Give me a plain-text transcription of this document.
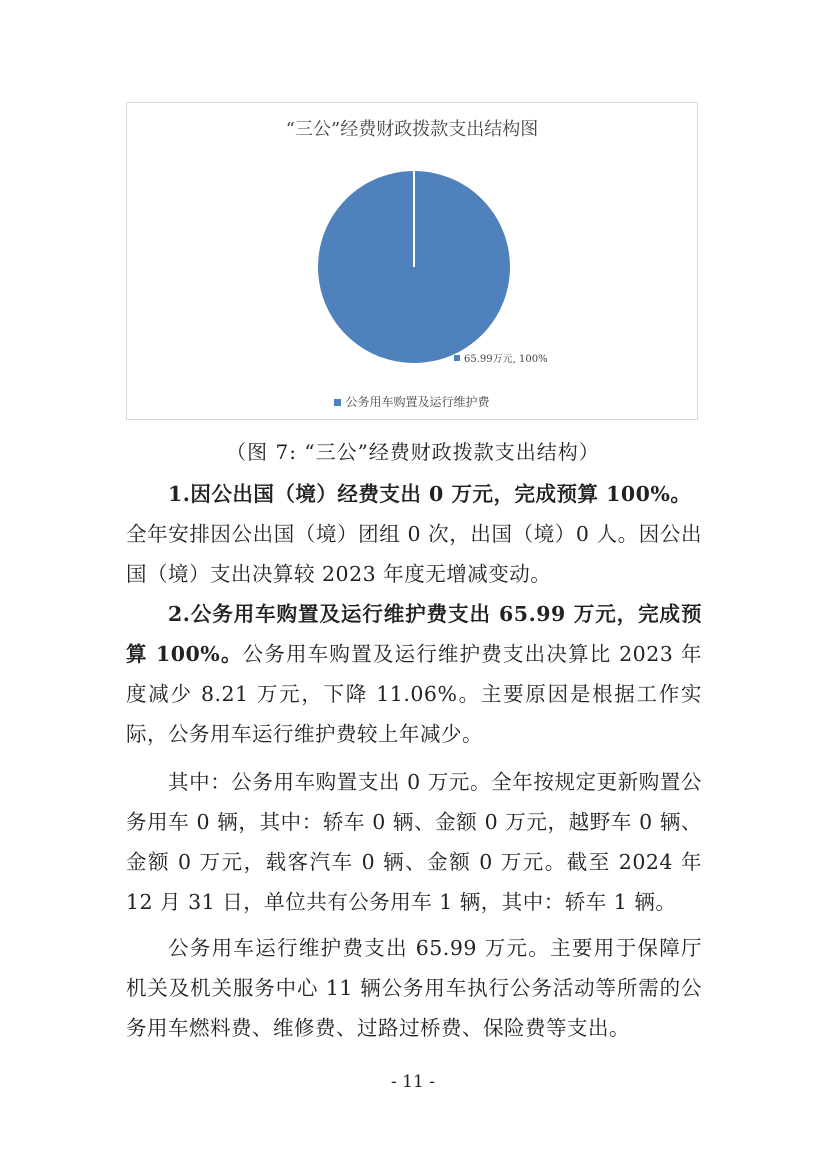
“三公”经费财政拨款支出结构图
65.99万元, 100%
公务用车购置及运行维护费
（图 7: “三公”经费财政拨款支出结构）
1.因公出国（境）经费支出 0 万元，完成预算 100%。
全年安排因公出国（境）团组 0 次，出国（境）0 人。因公出国（境）支出决算较 2023 年度无增减变动。
2.公务用车购置及运行维护费支出 65.99 万元，完成预算 100%。公务用车购置及运行维护费支出决算比 2023 年度减少 8.21 万元，下降 11.06%。主要原因是根据工作实际，公务用车运行维护费较上年减少。
其中：公务用车购置支出 0 万元。全年按规定更新购置公务用车 0 辆，其中：轿车 0 辆、金额 0 万元，越野车 0 辆、金额 0 万元，载客汽车 0 辆、金额 0 万元。截至 2024 年 12 月 31 日，单位共有公务用车 1 辆，其中：轿车 1 辆。
公务用车运行维护费支出 65.99 万元。主要用于保障厅机关及机关服务中心 11 辆公务用车执行公务活动等所需的公务用车燃料费、维修费、过路过桥费、保险费等支出。
- 11 -
